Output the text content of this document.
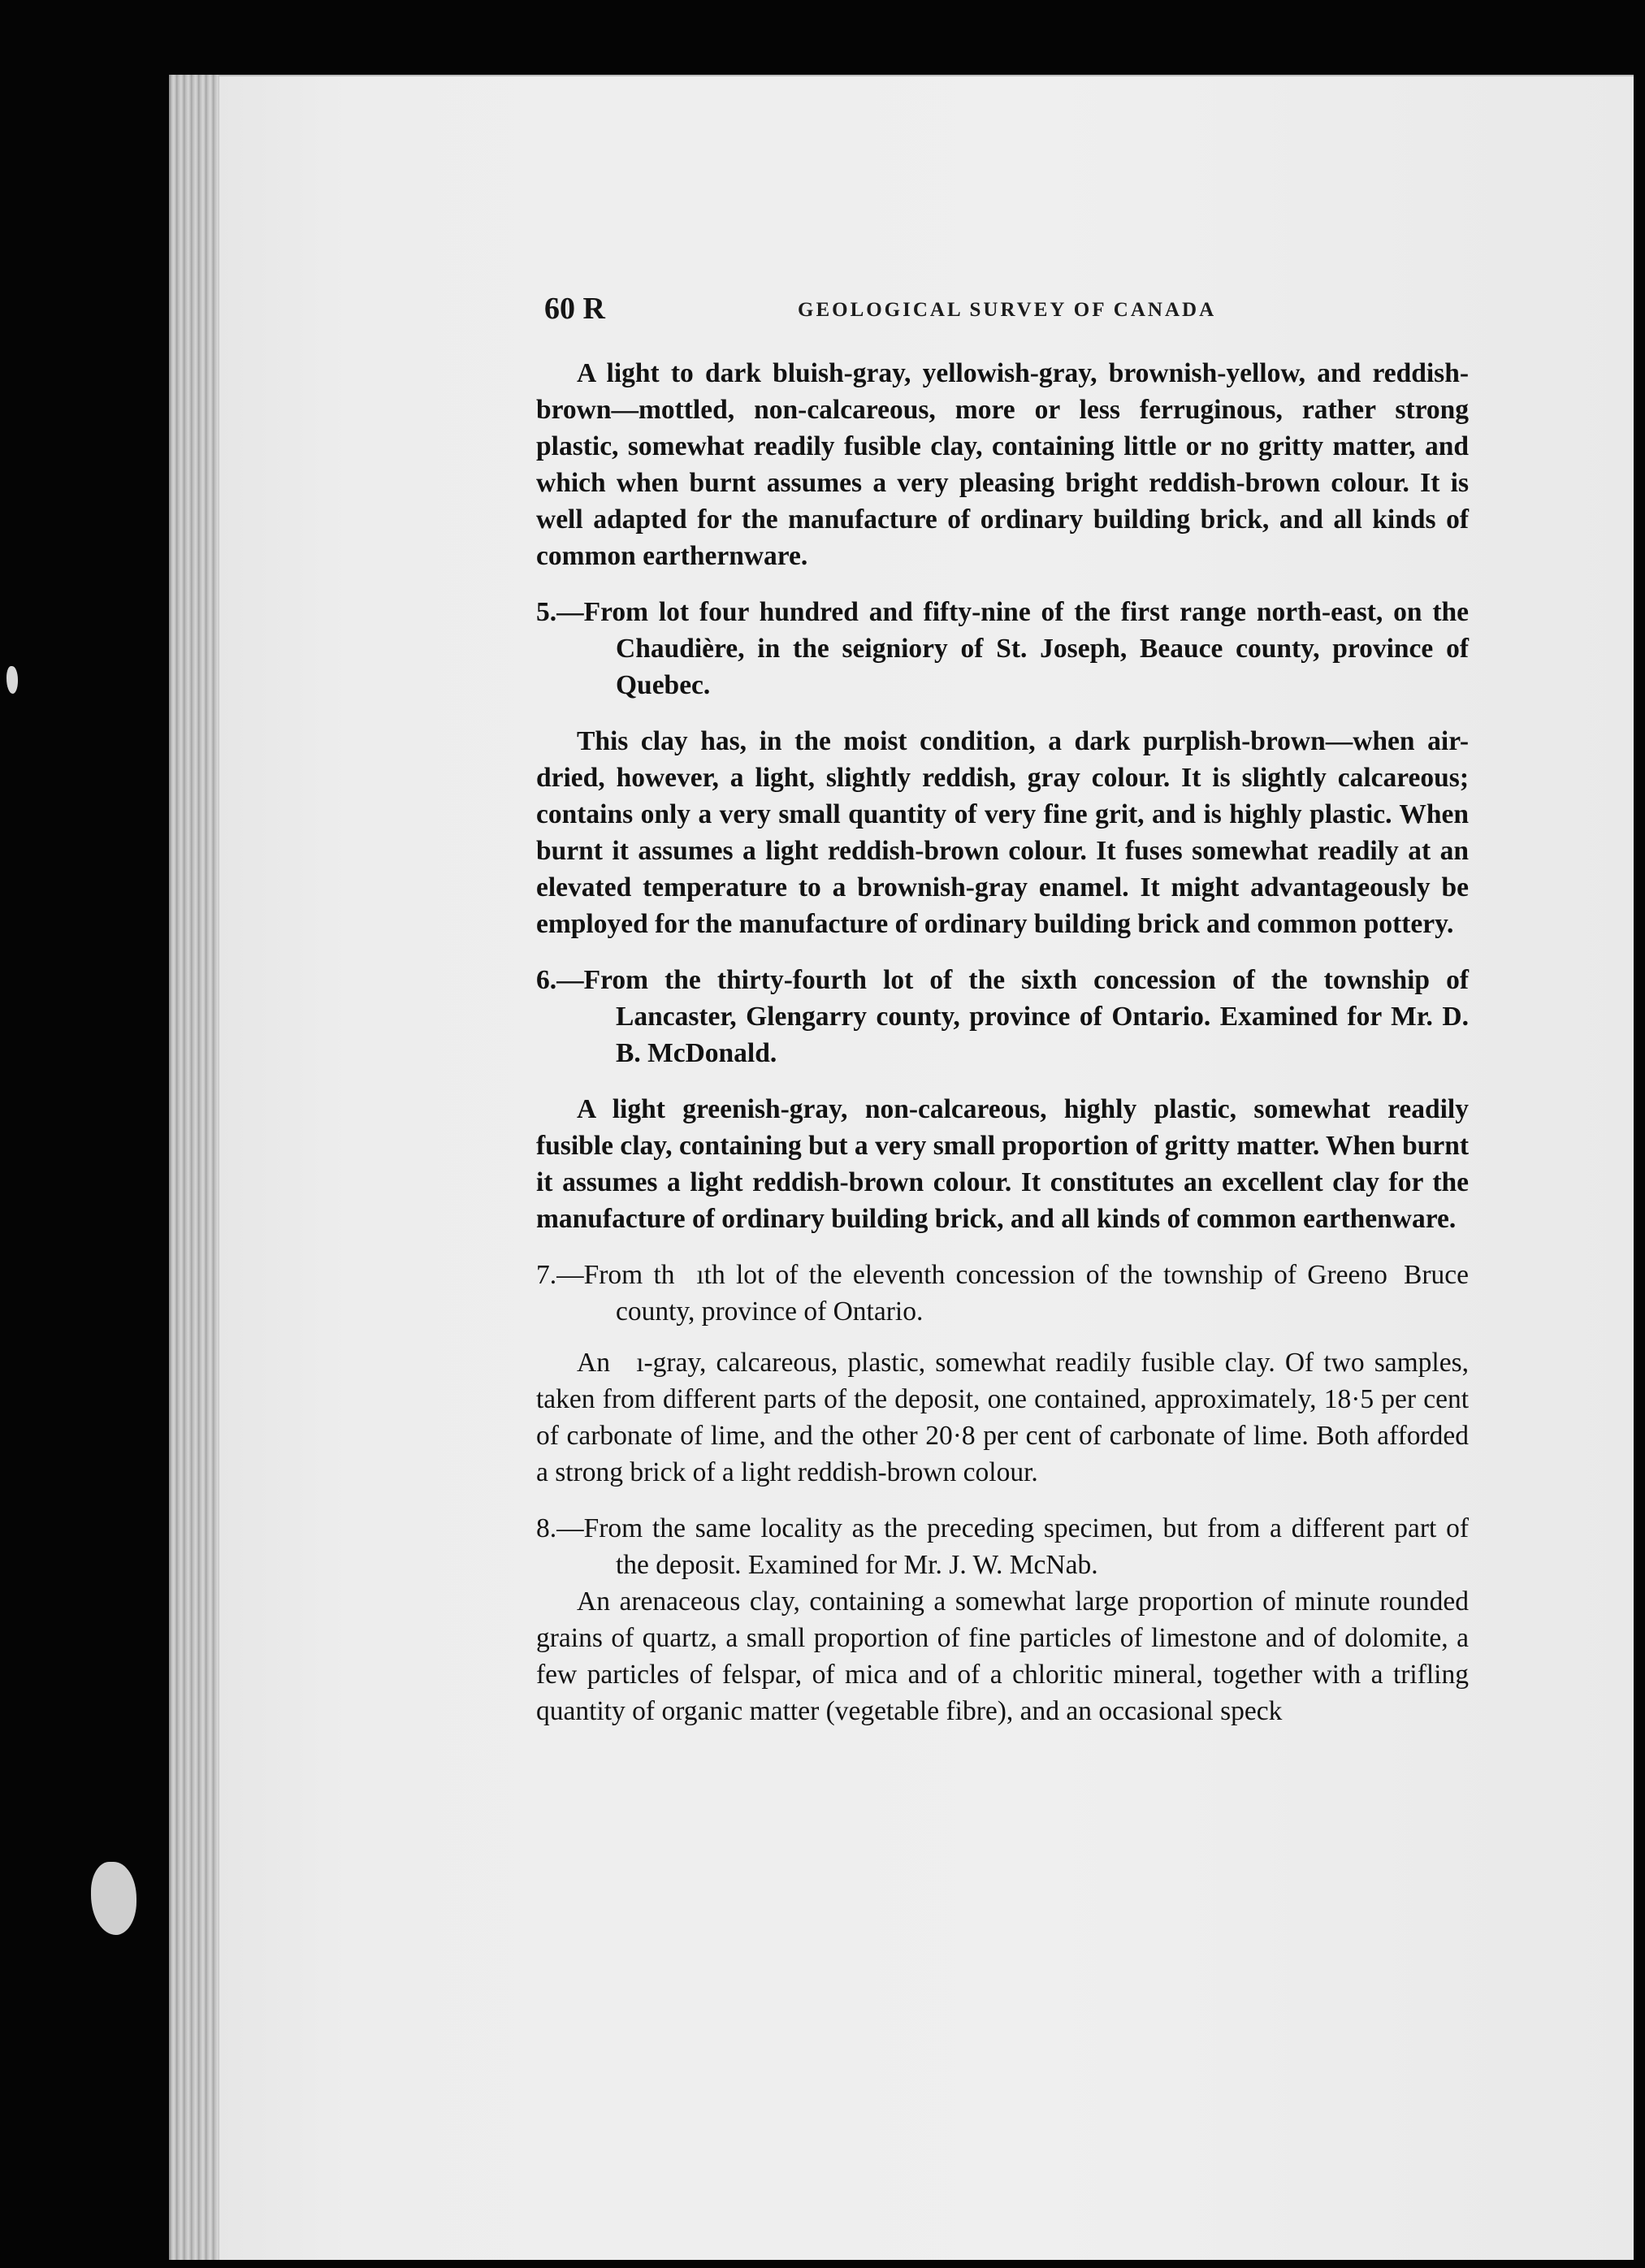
60 R	GEOLOGICAL SURVEY OF CANADA

A light to dark bluish-gray, yellowish-gray, brownish-yellow, and reddish-brown—mottled, non-calcareous, more or less ferruginous, rather strong plastic, somewhat readily fusible clay, containing little or no gritty matter, and which when burnt assumes a very pleasing bright reddish-brown colour. It is well adapted for the manufacture of ordinary building brick, and all kinds of common earthernware.

5.—From lot four hundred and fifty-nine of the first range north-east, on the Chaudière, in the seigniory of St. Joseph, Beauce county, province of Quebec.

This clay has, in the moist condition, a dark purplish-brown—when air-dried, however, a light, slightly reddish, gray colour. It is slightly calcareous; contains only a very small quantity of very fine grit, and is highly plastic. When burnt it assumes a light reddish-brown colour. It fuses somewhat readily at an elevated temperature to a brownish-gray enamel. It might advantageously be employed for the manufacture of ordinary building brick and common pottery.

6.—From the thirty-fourth lot of the sixth concession of the township of Lancaster, Glengarry county, province of Ontario. Examined for Mr. D. B. McDonald.

A light greenish-gray, non-calcareous, highly plastic, somewhat readily fusible clay, containing but a very small proportion of gritty matter. When burnt it assumes a light reddish-brown colour. It constitutes an excellent clay for the manufacture of ordinary building brick, and all kinds of common earthenware.

7.—From th    ıth lot of the eleventh concession of the township of Greeno   Bruce county, province of Ontario.

An    ı-gray, calcareous, plastic, somewhat readily fusible clay. Of two samples, taken from different parts of the deposit, one contained, approximately, 18·5 per cent of carbonate of lime, and the other 20·8 per cent of carbonate of lime. Both afforded a strong brick of a light reddish-brown colour.

8.—From the same locality as the preceding specimen, but from a different part of the deposit. Examined for Mr. J. W. McNab.

An arenaceous clay, containing a somewhat large proportion of minute rounded grains of quartz, a small proportion of fine particles of limestone and of dolomite, a few particles of felspar, of mica and of a chloritic mineral, together with a trifling quantity of organic matter (vegetable fibre), and an occasional speck
